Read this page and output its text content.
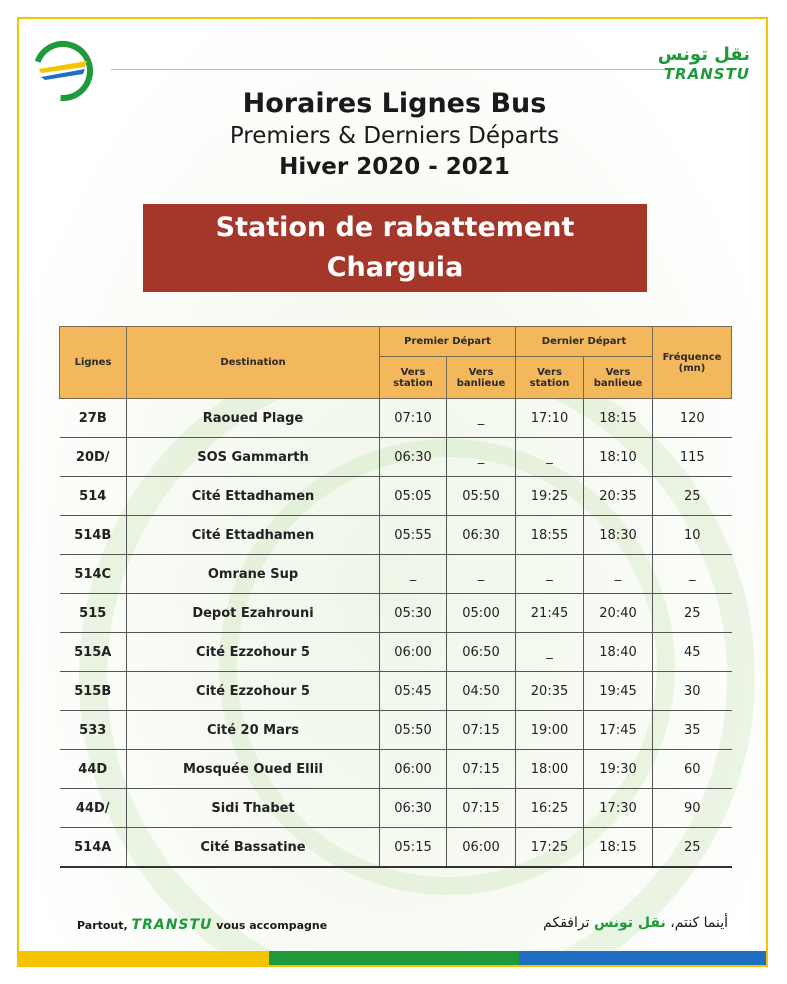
نقل تونس
TRANSTU
Horaires Lignes Bus
Premiers & Derniers Départs
Hiver 2020 - 2021
Station de rabattement
Charguia
Lignes	Destination	Premier Départ		Dernier Départ		Fréquence (mn)
		Vers station	Vers banlieue	Vers station	Vers banlieue	
27B	Raoued Plage	07:10	_	17:10	18:15	120
20D/	SOS Gammarth	06:30	_	_	18:10	115
514	Cité Ettadhamen	05:05	05:50	19:25	20:35	25
514B	Cité Ettadhamen	05:55	06:30	18:55	18:30	10
514C	Omrane Sup	_	_	_	_	_
515	Depot Ezahrouni	05:30	05:00	21:45	20:40	25
515A	Cité Ezzohour 5	06:00	06:50	_	18:40	45
515B	Cité Ezzohour 5	05:45	04:50	20:35	19:45	30
533	Cité 20 Mars	05:50	07:15	19:00	17:45	35
44D	Mosquée Oued Ellil	06:00	07:15	18:00	19:30	60
44D/	Sidi Thabet	06:30	07:15	16:25	17:30	90
514A	Cité Bassatine	05:15	06:00	17:25	18:15	25
Partout, TRANSTU vous accompagne	أينما كنتم، نقل تونس ترافقكم
